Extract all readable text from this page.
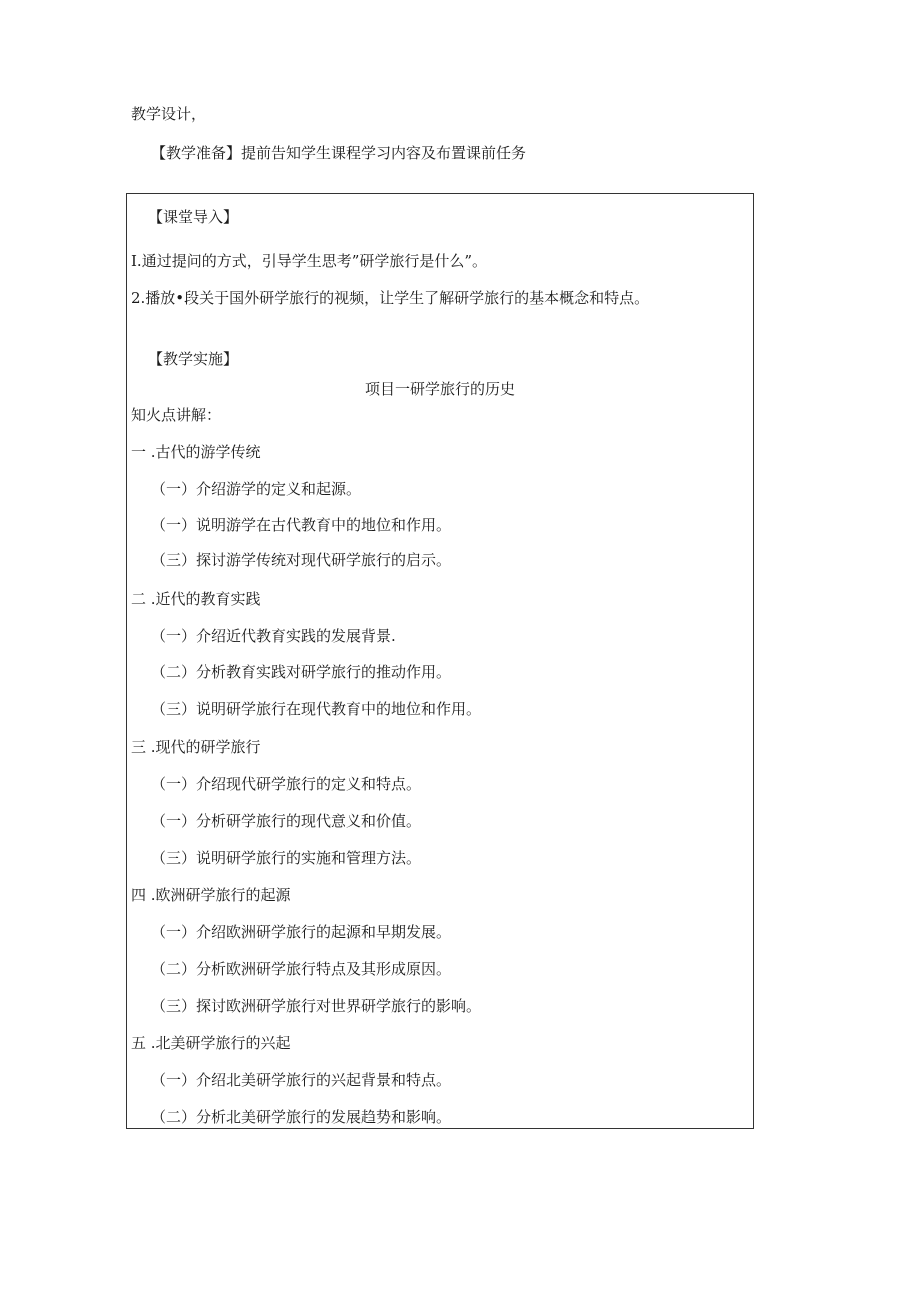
教学设计，
【教学准备】提前告知学生课程学习内容及布置课前任务
【课堂导入】
I.通过提问的方式，引导学生思考”研学旅行是什么”。
2.播放•段关于国外研学旅行的视频，让学生了解研学旅行的基本概念和特点。
【教学实施】
项目一研学旅行的历史
知火点讲解：
一 .古代的游学传统
（一）介绍游学的定义和起源。
（一）说明游学在古代教育中的地位和作用。
（三）探讨游学传统对现代研学旅行的启示。
二 .近代的教育实践
（一）介绍近代教育实践的发展背景.
（二）分析教育实践对研学旅行的推动作用。
（三）说明研学旅行在现代教育中的地位和作用。
三 .现代的研学旅行
（一）介绍现代研学旅行的定义和特点。
（一）分析研学旅行的现代意义和价值。
（三）说明研学旅行的实施和管理方法。
四 .欧洲研学旅行的起源
（一）介绍欧洲研学旅行的起源和早期发展。
（二）分析欧洲研学旅行特点及其形成原因。
（三）探讨欧洲研学旅行对世界研学旅行的影响。
五 .北美研学旅行的兴起
（一）介绍北美研学旅行的兴起背景和特点。
（二）分析北美研学旅行的发展趋势和影响。
